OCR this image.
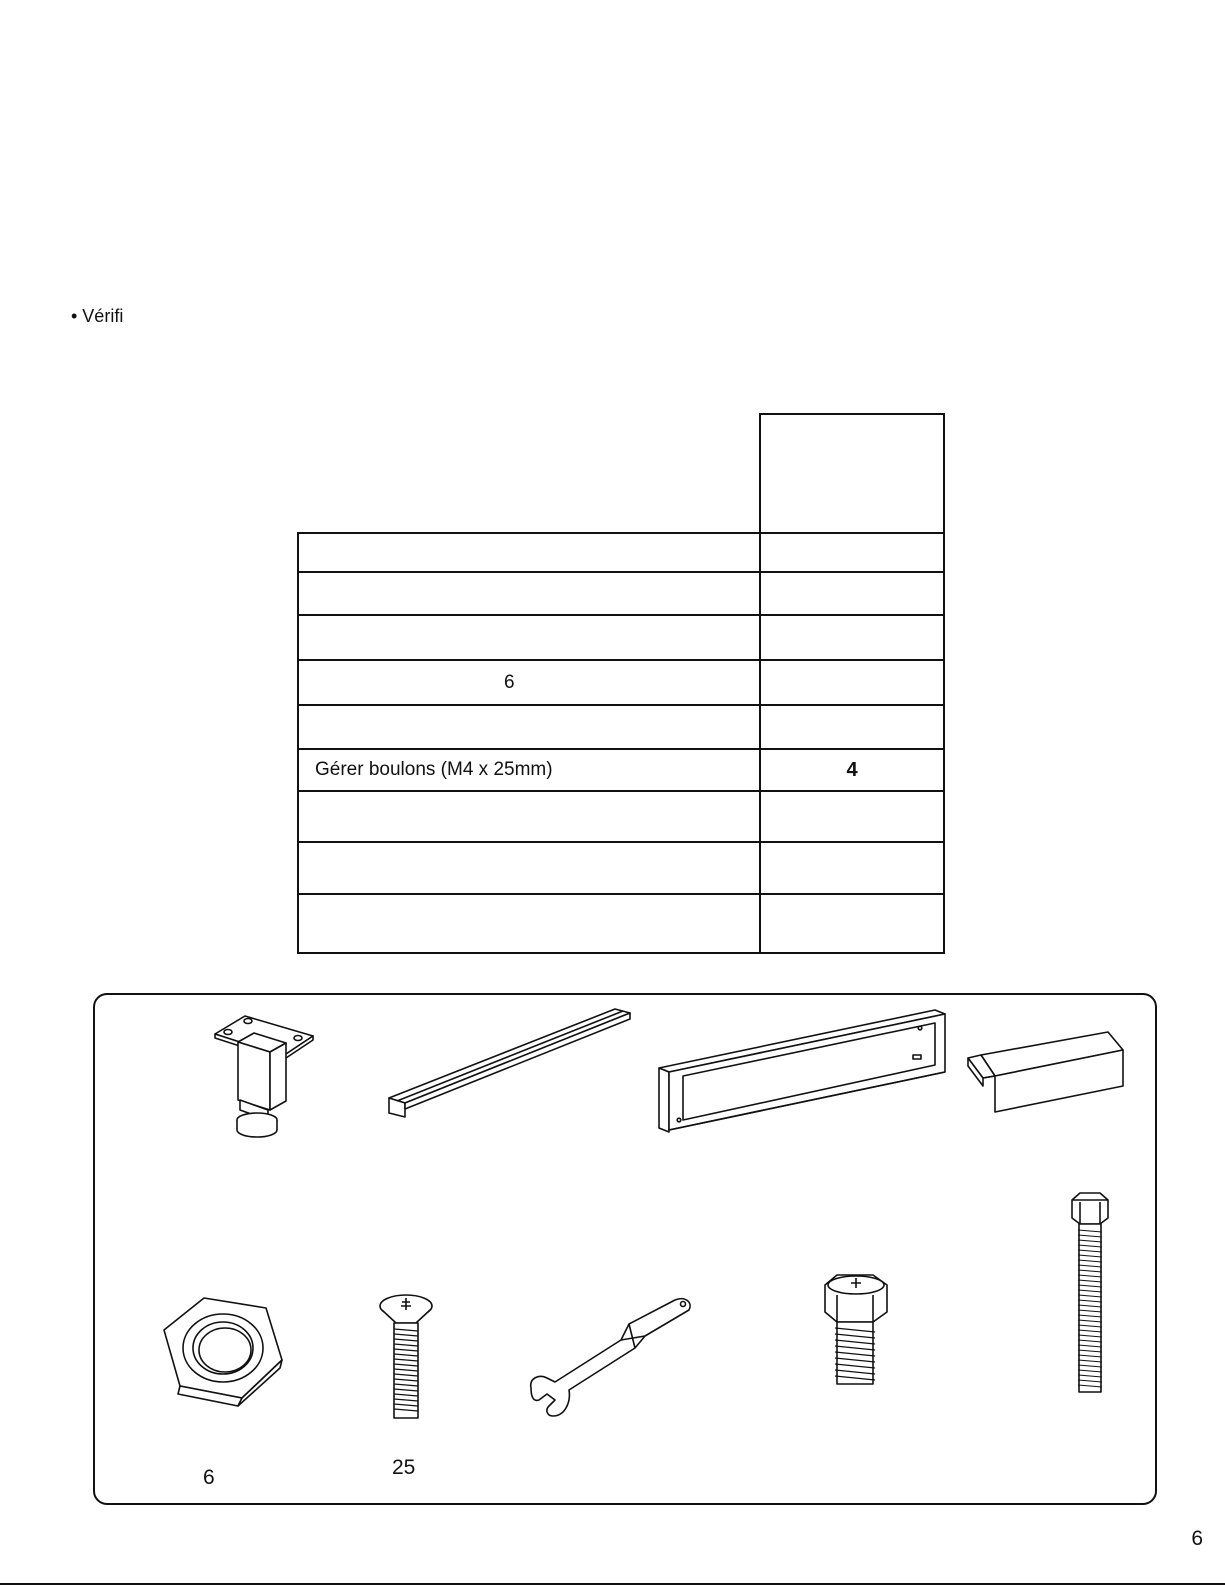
• Vérifi

6	

Gérer boulons (M4 x 25mm)	4

6	25
6
